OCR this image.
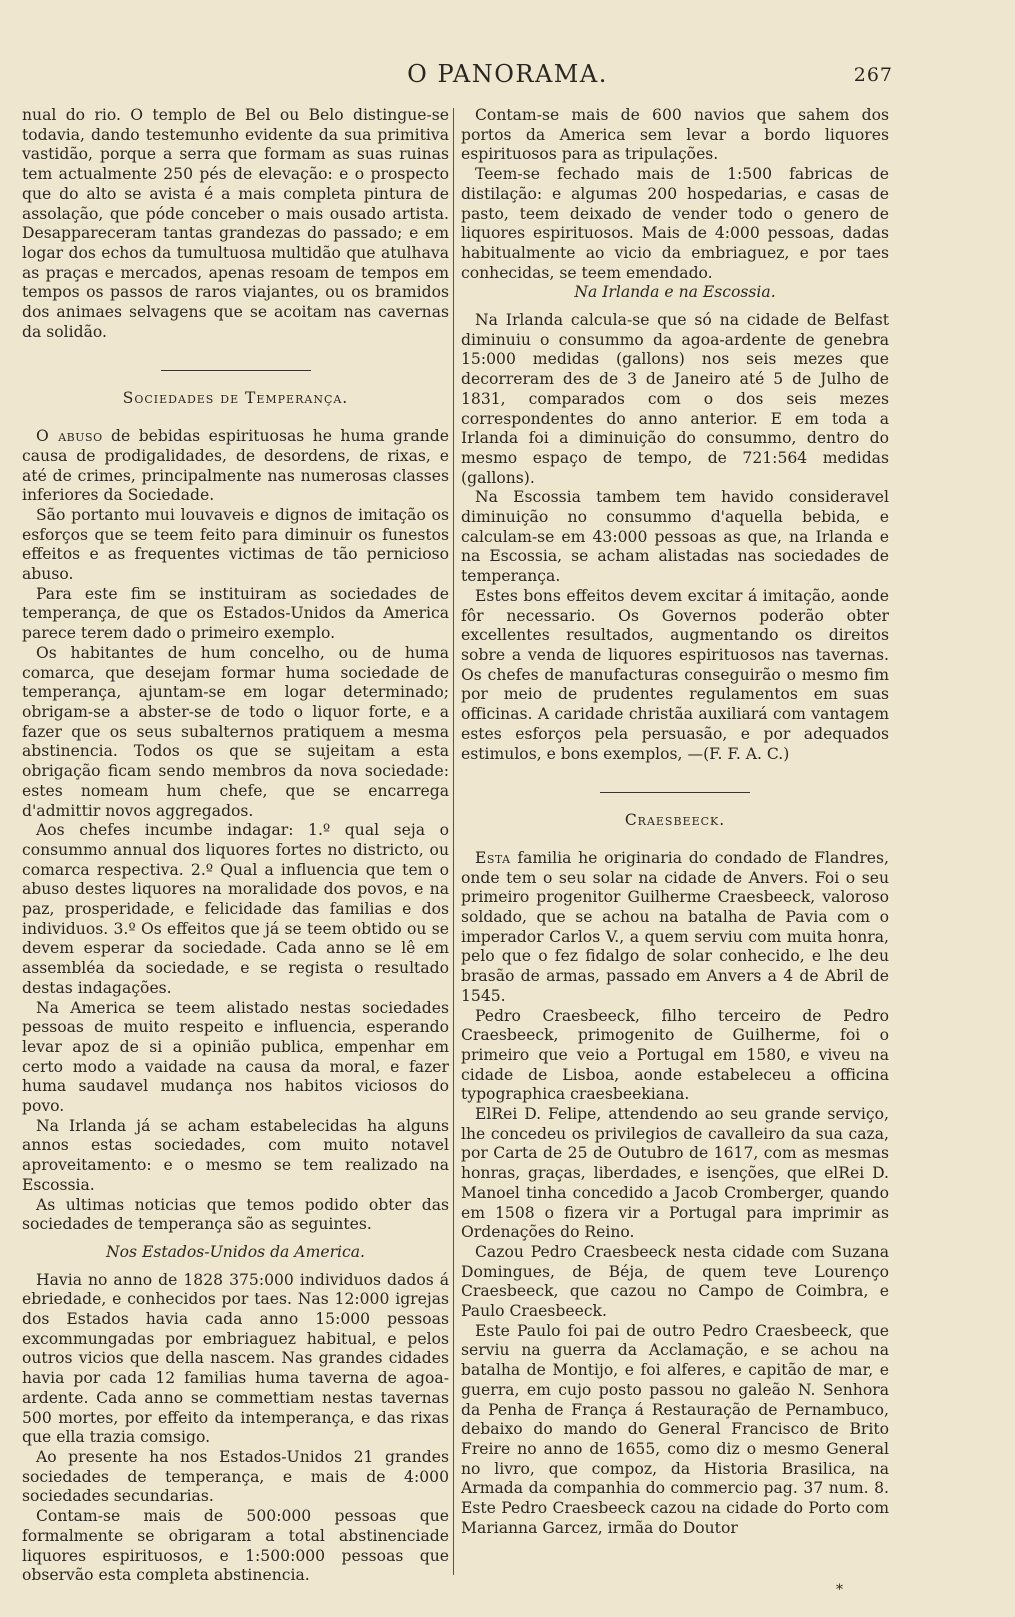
O PANORAMA.	267

nual do rio. O templo de Bel ou Belo distingue-se todavia, dando testemunho evidente da sua primitiva vastidão, porque a serra que formam as suas ruinas tem actualmente 250 pés de elevação: e o prospecto que do alto se avista é a mais completa pintura de assolação, que póde conceber o mais ousado artista. Desappareceram tantas grandezas do passado; e em logar dos echos da tumultuosa multidão que atulhava as praças e mercados, apenas resoam de tempos em tempos os passos de raros viajantes, ou os bramidos dos animaes selvagens que se acoitam nas cavernas da solidão.

Sociedades de Temperança.

O abuso de bebidas espirituosas he huma grande causa de prodigalidades, de desordens, de rixas, e até de crimes, principalmente nas numerosas classes inferiores da Sociedade.

São portanto mui louvaveis e dignos de imitação os esforços que se teem feito para diminuir os funestos effeitos e as frequentes victimas de tão pernicioso abuso.

Para este fim se instituiram as sociedades de temperança, de que os Estados-Unidos da America parece terem dado o primeiro exemplo.

Os habitantes de hum concelho, ou de huma comarca, que desejam formar huma sociedade de temperança, ajuntam-se em logar determinado; obrigam-se a abster-se de todo o liquor forte, e a fazer que os seus subalternos pratiquem a mesma abstinencia. Todos os que se sujeitam a esta obrigação ficam sendo membros da nova sociedade: estes nomeam hum chefe, que se encarrega d'admittir novos aggregados.

Aos chefes incumbe indagar: 1.º qual seja o consummo annual dos liquores fortes no districto, ou comarca respectiva. 2.º Qual a influencia que tem o abuso destes liquores na moralidade dos povos, e na paz, prosperidade, e felicidade das familias e dos individuos. 3.º Os effeitos que já se teem obtido ou se devem esperar da sociedade. Cada anno se lê em assembléa da sociedade, e se regista o resultado destas indagações.

Na America se teem alistado nestas sociedades pessoas de muito respeito e influencia, esperando levar apoz de si a opinião publica, empenhar em certo modo a vaidade na causa da moral, e fazer huma saudavel mudança nos habitos viciosos do povo.

Na Irlanda já se acham estabelecidas ha alguns annos estas sociedades, com muito notavel aproveitamento: e o mesmo se tem realizado na Escossia.

As ultimas noticias que temos podido obter das sociedades de temperança são as seguintes.

Nos Estados-Unidos da America.

Havia no anno de 1828 375:000 individuos dados á ebriedade, e conhecidos por taes. Nas 12:000 igrejas dos Estados havia cada anno 15:000 pessoas excommungadas por embriaguez habitual, e pelos outros vicios que della nascem. Nas grandes cidades havia por cada 12 familias huma taverna de agoa-ardente. Cada anno se commettiam nestas tavernas 500 mortes, por effeito da intemperança, e das rixas que ella trazia comsigo.

Ao presente ha nos Estados-Unidos 21 grandes sociedades de temperança, e mais de 4:000 sociedades secundarias.

Contam-se mais de 500:000 pessoas que formalmente se obrigaram a total abstinenciade liquores espirituosos, e 1:500:000 pessoas que observão esta completa abstinencia.

Contam-se mais de 600 navios que sahem dos portos da America sem levar a bordo liquores espirituosos para as tripulações.

Teem-se fechado mais de 1:500 fabricas de distilação: e algumas 200 hospedarias, e casas de pasto, teem deixado de vender todo o genero de liquores espirituosos. Mais de 4:000 pessoas, dadas habitualmente ao vicio da embriaguez, e por taes conhecidas, se teem emendado.

Na Irlanda e na Escossia.

Na Irlanda calcula-se que só na cidade de Belfast diminuiu o consummo da agoa-ardente de genebra 15:000 medidas (gallons) nos seis mezes que decorreram des de 3 de Janeiro até 5 de Julho de 1831, comparados com o dos seis mezes correspondentes do anno anterior. E em toda a Irlanda foi a diminuição do consummo, dentro do mesmo espaço de tempo, de 721:564 medidas (gallons).

Na Escossia tambem tem havido consideravel diminuição no consummo d'aquella bebida, e calculam-se em 43:000 pessoas as que, na Irlanda e na Escossia, se acham alistadas nas sociedades de temperança.

Estes bons effeitos devem excitar á imitação, aonde fôr necessario. Os Governos poderão obter excellentes resultados, augmentando os direitos sobre a venda de liquores espirituosos nas tavernas. Os chefes de manufacturas conseguirão o mesmo fim por meio de prudentes regulamentos em suas officinas. A caridade christãa auxiliará com vantagem estes esforços pela persuasão, e por adequados estimulos, e bons exemplos, —(F. F. A. C.)

Craesbeeck.

Esta familia he originaria do condado de Flandres, onde tem o seu solar na cidade de Anvers. Foi o seu primeiro progenitor Guilherme Craesbeeck, valoroso soldado, que se achou na batalha de Pavia com o imperador Carlos V., a quem serviu com muita honra, pelo que o fez fidalgo de solar conhecido, e lhe deu brasão de armas, passado em Anvers a 4 de Abril de 1545.

Pedro Craesbeeck, filho terceiro de Pedro Craesbeeck, primogenito de Guilherme, foi o primeiro que veio a Portugal em 1580, e viveu na cidade de Lisboa, aonde estabeleceu a officina typographica craesbeekiana.

ElRei D. Felipe, attendendo ao seu grande serviço, lhe concedeu os privilegios de cavalleiro da sua caza, por Carta de 25 de Outubro de 1617, com as mesmas honras, graças, liberdades, e isenções, que elRei D. Manoel tinha concedido a Jacob Cromberger, quando em 1508 o fizera vir a Portugal para imprimir as Ordenações do Reino.

Cazou Pedro Craesbeeck nesta cidade com Suzana Domingues, de Béja, de quem teve Lourenço Craesbeeck, que cazou no Campo de Coimbra, e Paulo Craesbeeck.

Este Paulo foi pai de outro Pedro Craesbeeck, que serviu na guerra da Acclamação, e se achou na batalha de Montijo, e foi alferes, e capitão de mar, e guerra, em cujo posto passou no galeão N. Senhora da Penha de França á Restauração de Pernambuco, debaixo do mando do General Francisco de Brito Freire no anno de 1655, como diz o mesmo General no livro, que compoz, da Historia Brasilica, na Armada da companhia do commercio pag. 37 num. 8. Este Pedro Craesbeeck cazou na cidade do Porto com Marianna Garcez, irmãa do Doutor

*
